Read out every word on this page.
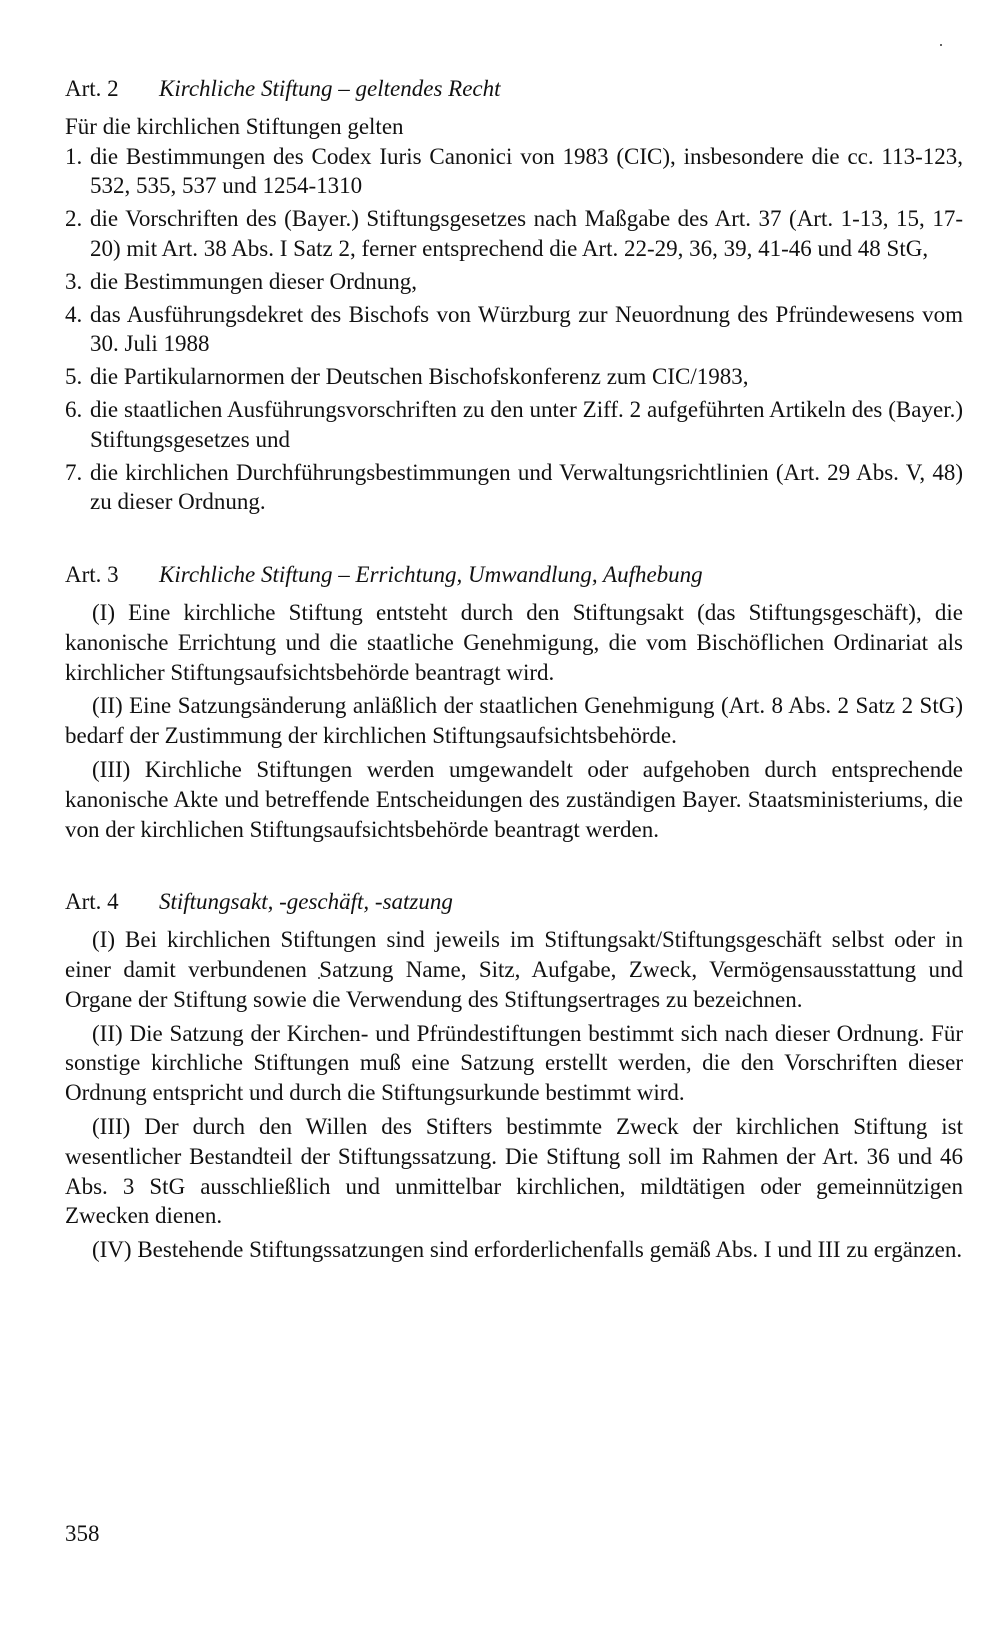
Art. 2 Kirchliche Stiftung – geltendes Recht

Für die kirchlichen Stiftungen gelten

1. die Bestimmungen des Codex Iuris Canonici von 1983 (CIC), insbesondere die cc. 113-123, 532, 535, 537 und 1254-1310
2. die Vorschriften des (Bayer.) Stiftungsgesetzes nach Maßgabe des Art. 37 (Art. 1-13, 15, 17-20) mit Art. 38 Abs. I Satz 2, ferner entsprechend die Art. 22-29, 36, 39, 41-46 und 48 StG,
3. die Bestimmungen dieser Ordnung,
4. das Ausführungsdekret des Bischofs von Würzburg zur Neuordnung des Pfründewesens vom 30. Juli 1988
5. die Partikularnormen der Deutschen Bischofskonferenz zum CIC/1983,
6. die staatlichen Ausführungsvorschriften zu den unter Ziff. 2 aufgeführten Artikeln des (Bayer.) Stiftungsgesetzes und
7. die kirchlichen Durchführungsbestimmungen und Verwaltungsrichtlinien (Art. 29 Abs. V, 48) zu dieser Ordnung.
Art. 3 Kirchliche Stiftung – Errichtung, Umwandlung, Aufhebung

(I) Eine kirchliche Stiftung entsteht durch den Stiftungsakt (das Stiftungsgeschäft), die kanonische Errichtung und die staatliche Genehmigung, die vom Bischöflichen Ordinariat als kirchlicher Stiftungsaufsichtsbehörde beantragt wird.

(II) Eine Satzungsänderung anläßlich der staatlichen Genehmigung (Art. 8 Abs. 2 Satz 2 StG) bedarf der Zustimmung der kirchlichen Stiftungsaufsichtsbehörde.

(III) Kirchliche Stiftungen werden umgewandelt oder aufgehoben durch entsprechende kanonische Akte und betreffende Entscheidungen des zuständigen Bayer. Staatsministeriums, die von der kirchlichen Stiftungsaufsichtsbehörde beantragt werden.

Art. 4 Stiftungsakt, -geschäft, -satzung

(I) Bei kirchlichen Stiftungen sind jeweils im Stiftungsakt/Stiftungsgeschäft selbst oder in einer damit verbundenen Satzung Name, Sitz, Aufgabe, Zweck, Vermögensausstattung und Organe der Stiftung sowie die Verwendung des Stiftungsertrages zu bezeichnen.

(II) Die Satzung der Kirchen- und Pfründestiftungen bestimmt sich nach dieser Ordnung. Für sonstige kirchliche Stiftungen muß eine Satzung erstellt werden, die den Vorschriften dieser Ordnung entspricht und durch die Stiftungsurkunde bestimmt wird.

(III) Der durch den Willen des Stifters bestimmte Zweck der kirchlichen Stiftung ist wesentlicher Bestandteil der Stiftungssatzung. Die Stiftung soll im Rahmen der Art. 36 und 46 Abs. 3 StG ausschließlich und unmittelbar kirchlichen, mildtätigen oder gemeinnützigen Zwecken dienen.

(IV) Bestehende Stiftungssatzungen sind erforderlichenfalls gemäß Abs. I und III zu ergänzen.

358
